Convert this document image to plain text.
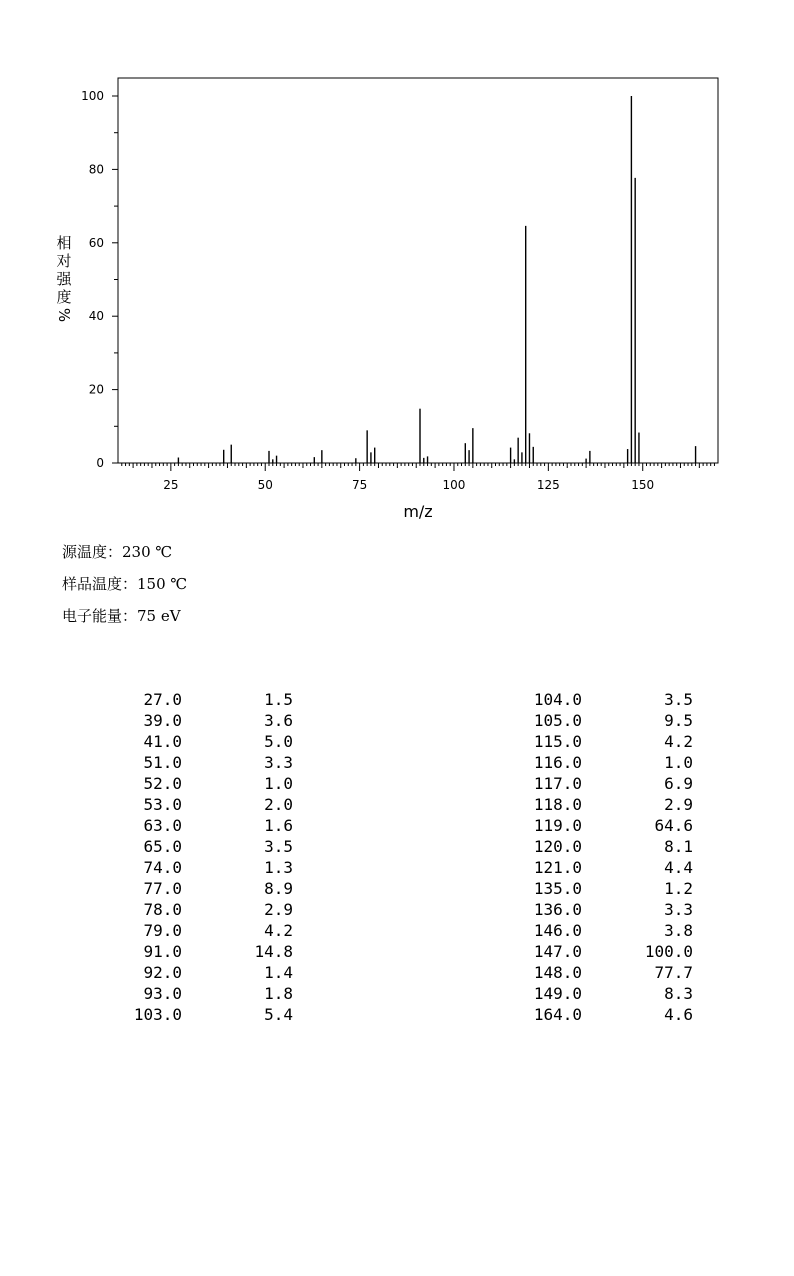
0
20
40
60
80
100
25	50	75	100	125	150
m/z
相
对
强
度
%
源温度：230 ℃
样品温度：150 ℃
电子能量：75 eV
27.0	1.5
39.0	3.6
41.0	5.0
51.0	3.3
52.0	1.0
53.0	2.0
63.0	1.6
65.0	3.5
74.0	1.3
77.0	8.9
78.0	2.9
79.0	4.2
91.0	14.8
92.0	1.4
93.0	1.8
103.0	5.4
104.0	3.5
105.0	9.5
115.0	4.2
116.0	1.0
117.0	6.9
118.0	2.9
119.0	64.6
120.0	8.1
121.0	4.4
135.0	1.2
136.0	3.3
146.0	3.8
147.0	100.0
148.0	77.7
149.0	8.3
164.0	4.6
